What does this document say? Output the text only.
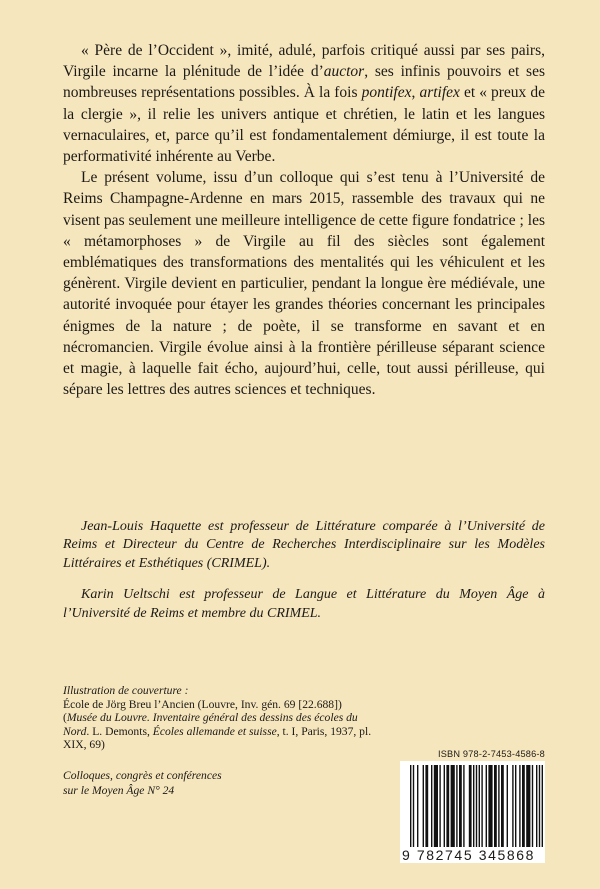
« Père de l’Occident », imité, adulé, parfois critiqué aussi par ses pairs, Virgile incarne la plénitude de l’idée d’auctor, ses infinis pouvoirs et ses nombreuses représentations possibles. À la fois pontifex, artifex et « preux de la clergie », il relie les univers antique et chrétien, le latin et les langues vernaculaires, et, parce qu’il est fondamentalement démiurge, il est toute la performativité inhérente au Verbe.

Le présent volume, issu d’un colloque qui s’est tenu à l’Université de Reims Champagne-Ardenne en mars 2015, rassemble des travaux qui ne visent pas seulement une meilleure intelligence de cette figure fondatrice ; les « métamorphoses » de Virgile au fil des siècles sont également emblématiques des transformations des mentalités qui les véhiculent et les génèrent. Virgile devient en particulier, pendant la longue ère médiévale, une autorité invoquée pour étayer les grandes théories concernant les principales énigmes de la nature ; de poète, il se transforme en savant et en nécromancien. Virgile évolue ainsi à la frontière périlleuse séparant science et magie, à laquelle fait écho, aujourd’hui, celle, tout aussi périlleuse, qui sépare les lettres des autres sciences et techniques.

Jean-Louis Haquette est professeur de Littérature comparée à l’Université de Reims et Directeur du Centre de Recherches Interdisciplinaire sur les Modèles Littéraires et Esthétiques (CRIMEL).

Karin Ueltschi est professeur de Langue et Littérature du Moyen Âge à l’Université de Reims et membre du CRIMEL.

Illustration de couverture :
École de Jörg Breu l’Ancien (Louvre, Inv. gén. 69 [22.688])
(Musée du Louvre. Inventaire général des dessins des écoles du Nord. L. Demonts, Écoles allemande et suisse, t. I, Paris, 1937, pl. XIX, 69)
Colloques, congrès et conférences
sur le Moyen Âge N° 24
ISBN 978-2-7453-4586-8
9 782745 345868
